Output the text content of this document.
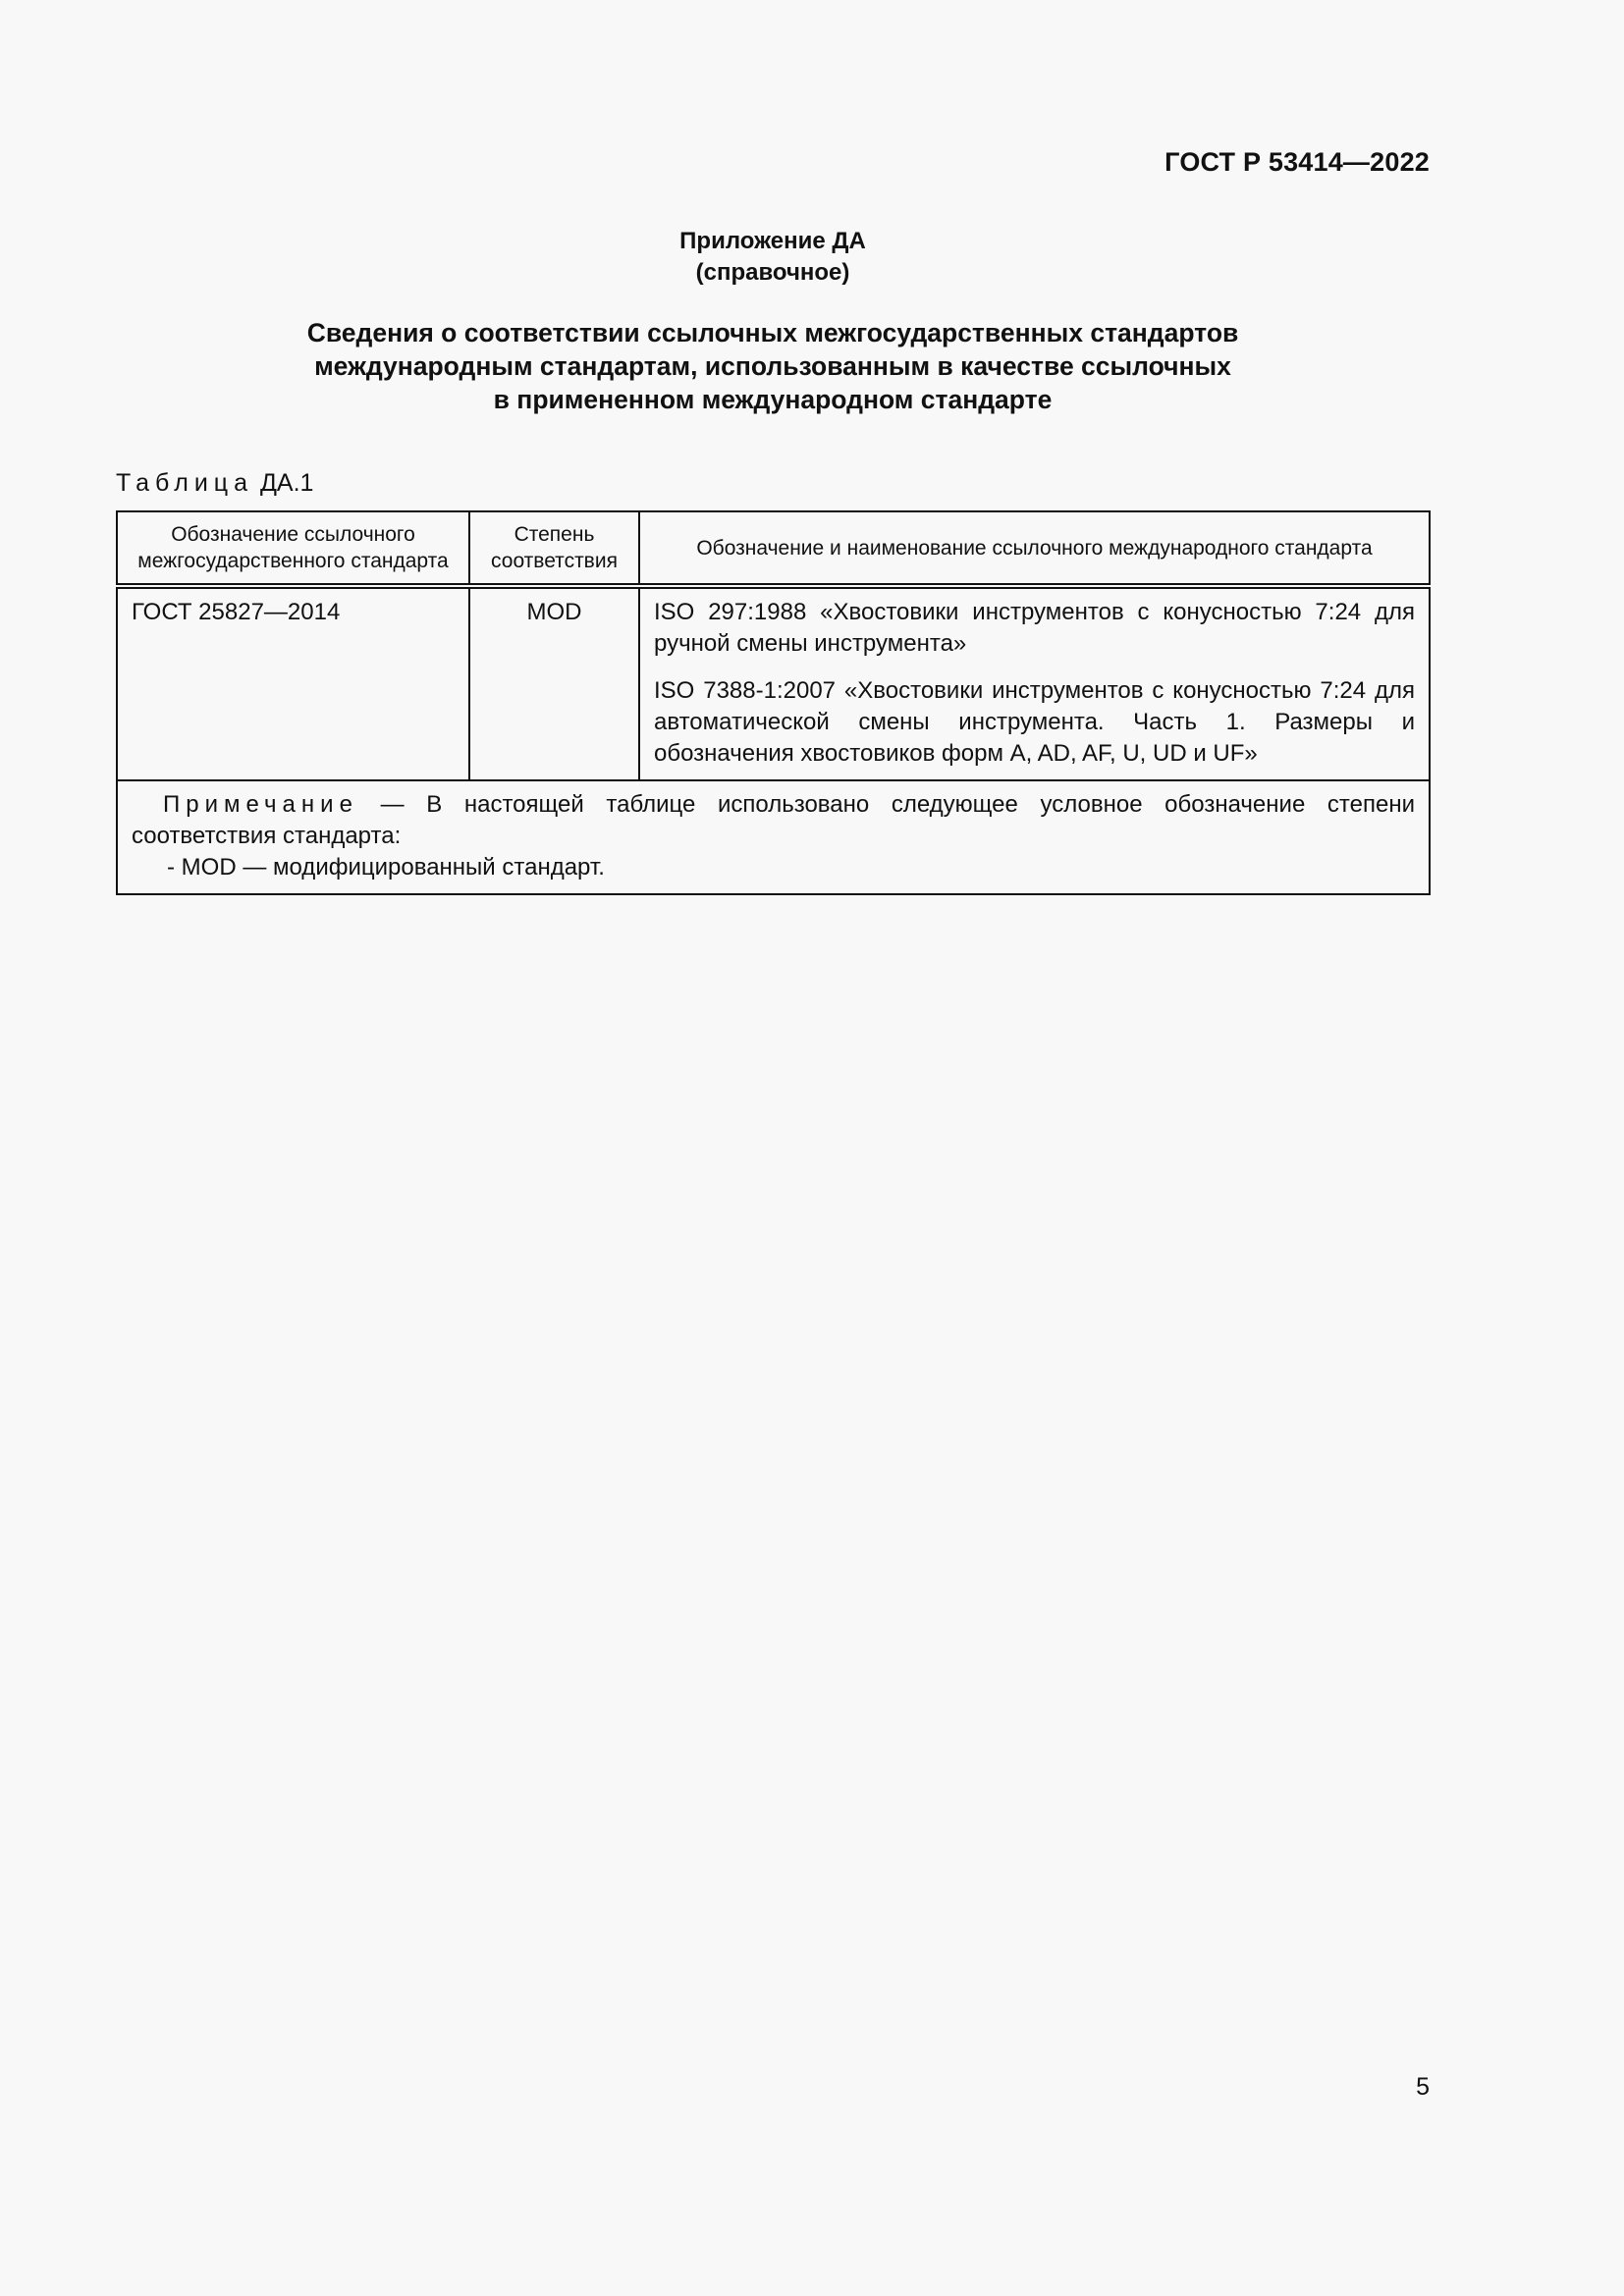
ГОСТ Р 53414—2022
Приложение ДА
(справочное)
Сведения о соответствии ссылочных межгосударственных стандартов
международным стандартам, использованным в качестве ссылочных
в примененном международном стандарте
Таблица ДА.1
Обозначение ссылочного межгосударственного стандарта	Степень соответствия	Обозначение и наименование ссылочного международного стандарта
ГОСТ 25827—2014	MOD	ISO 297:1988 «Хвостовики инструментов с конусностью 7:24 для ручной смены инструмента»
ISO 7388-1:2007 «Хвостовики инструментов с конусностью 7:24 для автоматической смены инструмента. Часть 1. Размеры и обозначения хвостовиков форм A, AD, AF, U, UD и UF»

Примечание — В настоящей таблице использовано следующее условное обозначение степени соответствия стандарта:
- MOD — модифицированный стандарт.		
5
